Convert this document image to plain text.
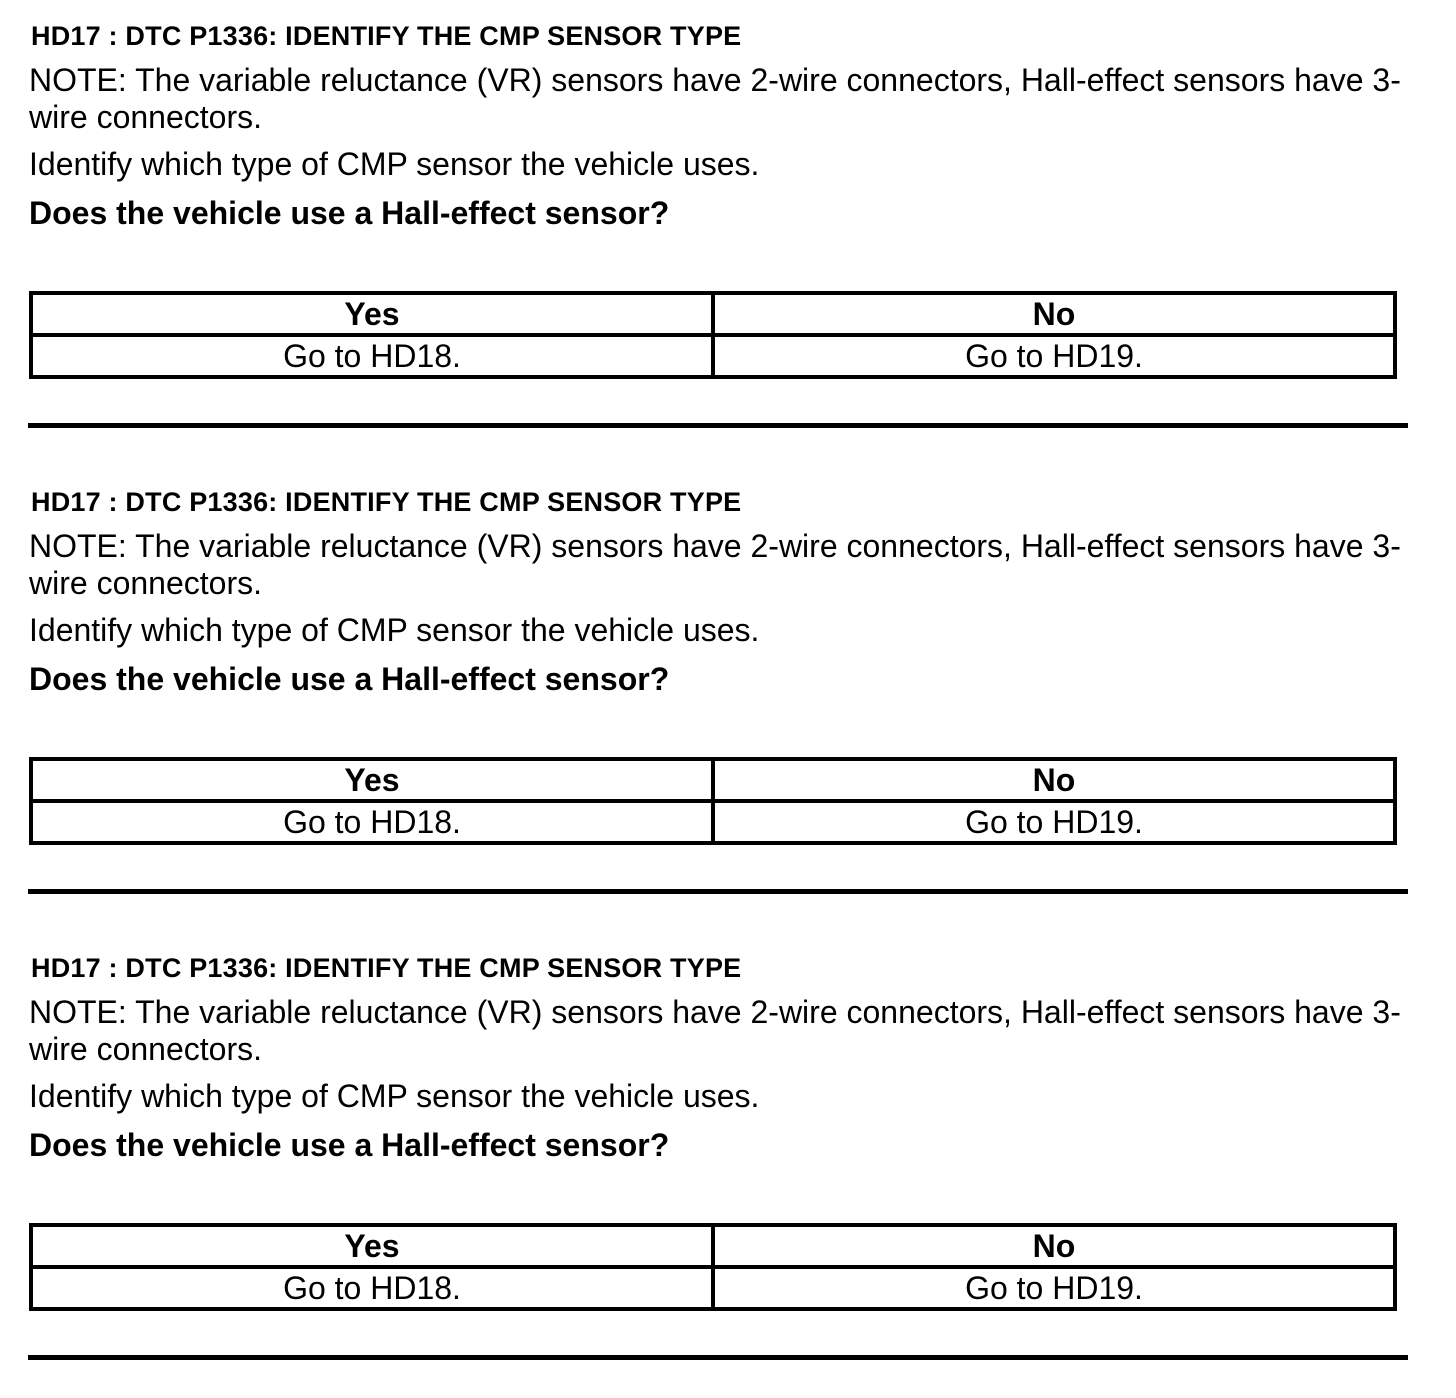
HD17 : DTC P1336: IDENTIFY THE CMP SENSOR TYPE

NOTE: The variable reluctance (VR) sensors have 2-wire connectors, Hall-effect sensors have 3-wire connectors.

Identify which type of CMP sensor the vehicle uses.
Does the vehicle use a Hall-effect sensor?
Yes	No
Go to HD18.	Go to HD19.
HD17 : DTC P1336: IDENTIFY THE CMP SENSOR TYPE

NOTE: The variable reluctance (VR) sensors have 2-wire connectors, Hall-effect sensors have 3-wire connectors.

Identify which type of CMP sensor the vehicle uses.
Does the vehicle use a Hall-effect sensor?
Yes	No
Go to HD18.	Go to HD19.
HD17 : DTC P1336: IDENTIFY THE CMP SENSOR TYPE

NOTE: The variable reluctance (VR) sensors have 2-wire connectors, Hall-effect sensors have 3-wire connectors.

Identify which type of CMP sensor the vehicle uses.
Does the vehicle use a Hall-effect sensor?
Yes	No
Go to HD18.	Go to HD19.
